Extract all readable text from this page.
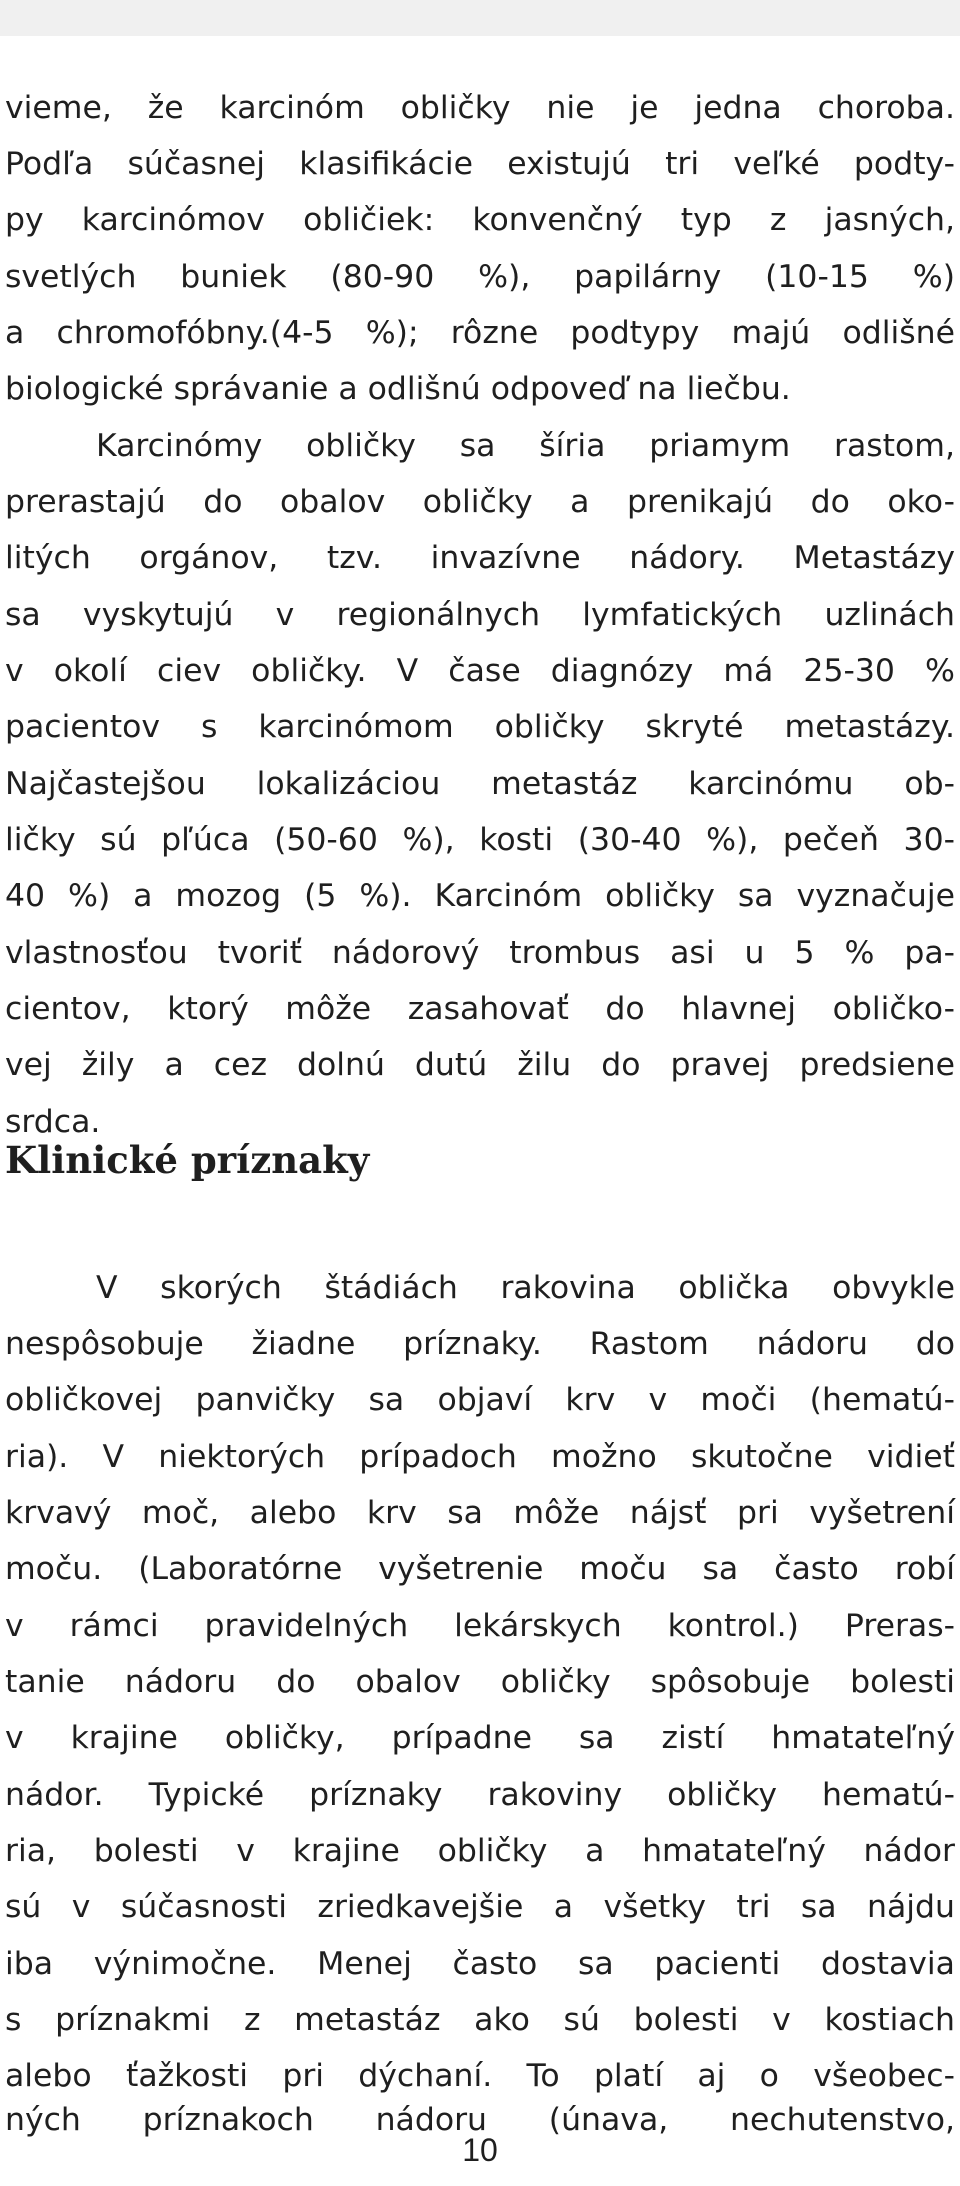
vieme, že karcinóm obličky nie je jedna choroba.
Podľa súčasnej klasifikácie existujú tri veľké podty-
py karcinómov obličiek: konvenčný typ z jasných,
svetlých buniek (80-90 %), papilárny (10-15 %)
a chromofóbny.(4-5 %); rôzne podtypy majú odlišné
biologické správanie a odlišnú odpoveď na liečbu.
Karcinómy obličky sa šíria priamym rastom,
prerastajú do obalov obličky a prenikajú do oko-
litých orgánov, tzv. invazívne nádory. Metastázy
sa vyskytujú v regionálnych lymfatických uzlinách
v okolí ciev obličky. V čase diagnózy má 25-30 %
pacientov s karcinómom obličky skryté metastázy.
Najčastejšou lokalizáciou metastáz karcinómu ob-
ličky sú pľúca (50-60 %), kosti (30-40 %), pečeň 30-
40 %) a mozog (5 %). Karcinóm obličky sa vyznačuje
vlastnosťou tvoriť nádorový trombus asi u 5 % pa-
cientov, ktorý môže zasahovať do hlavnej obličko-
vej žily a cez dolnú dutú žilu do pravej predsiene
srdca.
Klinické príznaky
V skorých štádiách rakovina oblička obvykle
nespôsobuje žiadne príznaky. Rastom nádoru do
obličkovej panvičky sa objaví krv v moči (hematú-
ria). V niektorých prípadoch možno skutočne vidieť
krvavý moč, alebo krv sa môže nájsť pri vyšetrení
moču. (Laboratórne vyšetrenie moču sa často robí
v rámci pravidelných lekárskych kontrol.) Preras-
tanie nádoru do obalov obličky spôsobuje bolesti
v krajine obličky, prípadne sa zistí hmatateľný
nádor. Typické príznaky rakoviny obličky hematú-
ria, bolesti v krajine obličky a hmatateľný nádor
sú v súčasnosti zriedkavejšie a všetky tri sa nájdu
iba výnimočne. Menej často sa pacienti dostavia
s príznakmi z metastáz ako sú bolesti v kostiach
alebo ťažkosti pri dýchaní. To platí aj o všeobec-
ných príznakoch nádoru (únava, nechutenstvo,
10
